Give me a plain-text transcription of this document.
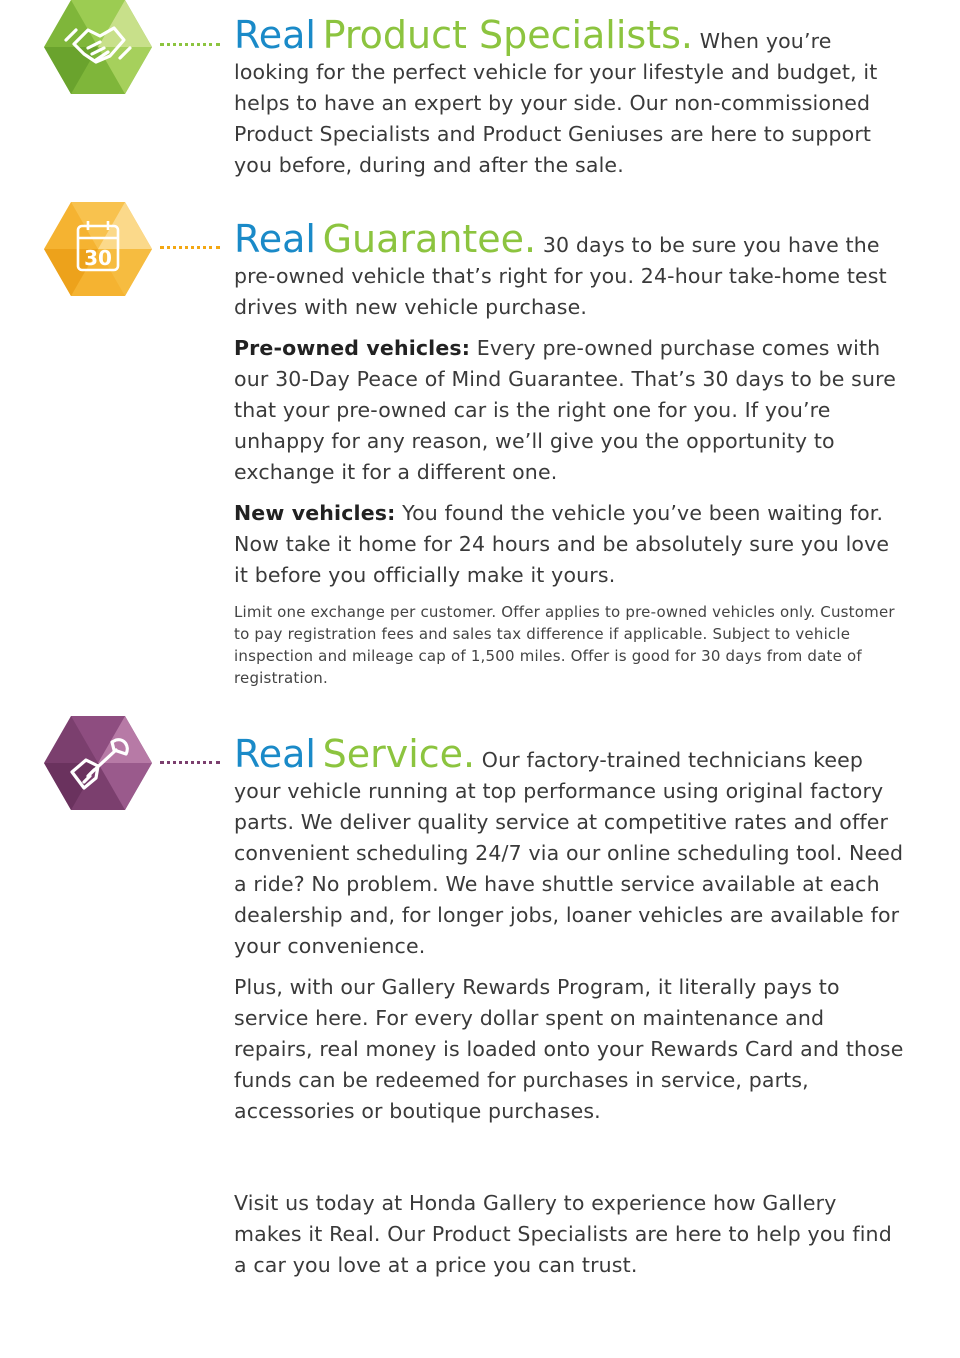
Real Product Specialists. When you’re looking for the perfect vehicle for your lifestyle and budget, it helps to have an expert by your side. Our non-commissioned Product Specialists and Product Geniuses are here to support you before, during and after the sale.

30	Real Guarantee. 30 days to be sure you have the pre-owned vehicle that’s right for you. 24-hour take-home test drives with new vehicle purchase.

Pre-owned vehicles: Every pre-owned purchase comes with our 30-Day Peace of Mind Guarantee. That’s 30 days to be sure that your pre-owned car is the right one for you. If you’re unhappy for any reason, we’ll give you the opportunity to exchange it for a different one.

New vehicles: You found the vehicle you’ve been waiting for. Now take it home for 24 hours and be absolutely sure you love it before you officially make it yours.

Limit one exchange per customer. Offer applies to pre-owned vehicles only. Customer to pay registration fees and sales tax difference if applicable. Subject to vehicle inspection and mileage cap of 1,500 miles. Offer is good for 30 days from date of registration.

Real Service. Our factory-trained technicians keep your vehicle running at top performance using original factory parts. We deliver quality service at competitive rates and offer convenient scheduling 24/7 via our online scheduling tool. Need a ride? No problem. We have shuttle service available at each dealership and, for longer jobs, loaner vehicles are available for your convenience.

Plus, with our Gallery Rewards Program, it literally pays to service here. For every dollar spent on maintenance and repairs, real money is loaded onto your Rewards Card and those funds can be redeemed for purchases in service, parts, accessories or boutique purchases.

Visit us today at Honda Gallery to experience how Gallery makes it Real. Our Product Specialists are here to help you find a car you love at a price you can trust.
